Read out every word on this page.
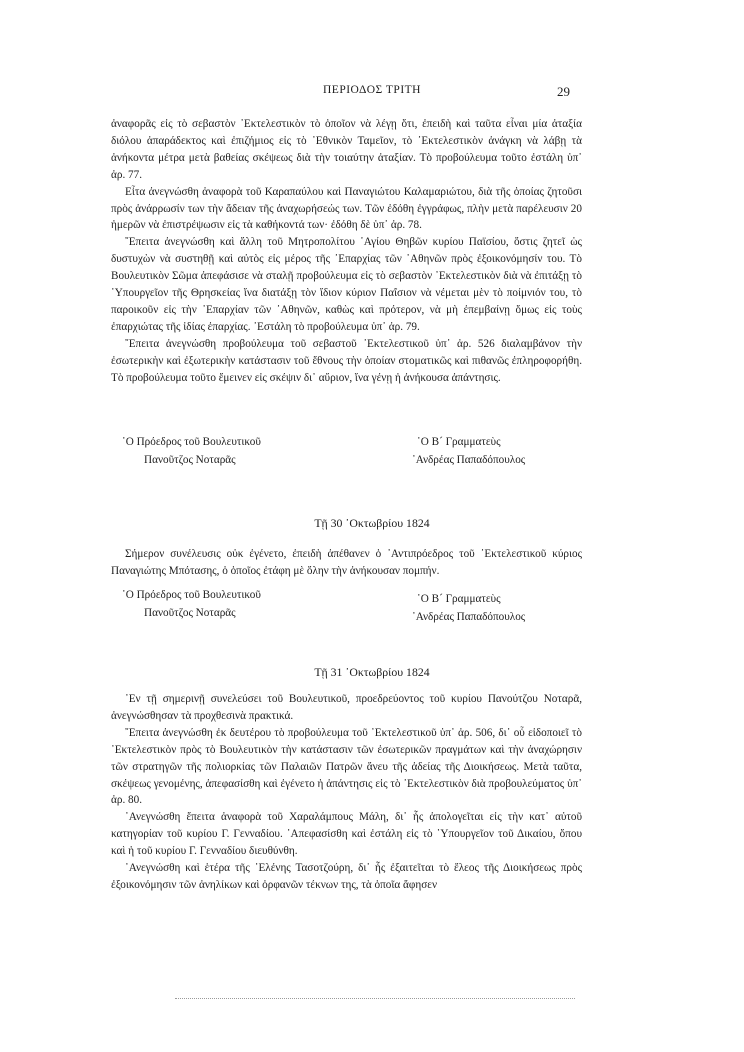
ΠΕΡΙΟΔΟΣ ΤΡΙΤΗ	29

ἀναφορᾶς εἰς τὸ σεβαστὸν ᾿Εκτελεστικὸν τὸ ὁποῖον νὰ λέγῃ ὅτι, ἐπειδὴ καὶ ταῦτα εἶναι μία ἀταξία διόλου ἀπαράδεκτος καὶ ἐπιζήμιος εἰς τὸ ᾿Εθνικὸν Ταμεῖον, τὸ ᾿Εκτελεστικὸν ἀνάγκη νὰ λάβῃ τὰ ἀνήκοντα μέτρα μετὰ βαθείας σκέψεως διὰ τὴν τοιαύτην ἀταξίαν. Τὸ προβούλευμα τοῦτο ἐστάλη ὑπ᾿ ἀρ. 77.

Εἶτα ἀνεγνώσθη ἀναφορὰ τοῦ Καραπαύλου καὶ Παναγιώτου Καλαμαριώτου, διὰ τῆς ὁποίας ζητοῦσι πρὸς ἀνάρρωσίν των τὴν ἄδειαν τῆς ἀναχωρήσεώς των. Τῶν ἐδόθη ἐγγράφως, πλὴν μετὰ παρέλευσιν 20 ἡμερῶν νὰ ἐπιστρέψωσιν εἰς τὰ καθήκοντά των· ἐδόθη δὲ ὑπ᾿ ἀρ. 78.

῎Επειτα ἀνεγνώσθη καὶ ἄλλη τοῦ Μητροπολίτου ῾Αγίου Θηβῶν κυρίου Παϊσίου, ὅστις ζητεῖ ὡς δυστυχὼν νὰ συστηθῇ καὶ αὐτὸς εἰς μέρος τῆς ᾿Επαρχίας τῶν ᾿Αθηνῶν πρὸς ἐξοικονόμησίν του. Τὸ Βουλευτικὸν Σῶμα ἀπεφάσισε νὰ σταλῇ προβούλευμα εἰς τὸ σεβαστὸν ᾿Εκτελεστικὸν διὰ νὰ ἐπιτάξῃ τὸ ῾Υπουργεῖον τῆς Θρησκείας ἵνα διατάξῃ τὸν ἴδιον κύριον Παΐσιον νὰ νέμεται μὲν τὸ ποίμνιόν του, τὸ παροικοῦν εἰς τὴν ᾿Επαρχίαν τῶν ᾿Αθηνῶν, καθὼς καὶ πρότερον, νὰ μὴ ἐπεμβαίνῃ ὅμως εἰς τοὺς ἐπαρχιώτας τῆς ἰδίας ἐπαρχίας. ᾿Εστάλη τὸ προβούλευμα ὑπ᾿ ἀρ. 79.

῎Επειτα ἀνεγνώσθη προβούλευμα τοῦ σεβαστοῦ ᾿Εκτελεστικοῦ ὑπ᾿ ἀρ. 526 διαλαμβάνον τὴν ἐσωτερικὴν καὶ ἐξωτερικὴν κατάστασιν τοῦ ἔθνους τὴν ὁποίαν στοματικῶς καὶ πιθανῶς ἐπληροφορήθη. Τὸ προβούλευμα τοῦτο ἔμεινεν εἰς σκέψιν δι᾿ αὔριον, ἵνα γένῃ ἡ ἀνήκουσα ἀπάντησις.

῾Ο Πρόεδρος τοῦ Βουλευτικοῦ
Πανοῦτζος Νοταρᾶς
῾Ο Β´ Γραμματεὺς
᾿Ανδρέας Παπαδόπουλος
Τῇ 30 ᾿Οκτωβρίου 1824

Σήμερον συνέλευσις οὐκ ἐγένετο, ἐπειδὴ ἀπέθανεν ὁ ᾿Αντιπρόεδρος τοῦ ᾿Εκτελεστικοῦ κύριος Παναγιώτης Μπότασης, ὁ ὁποῖος ἐτάφη μὲ ὅλην τὴν ἀνήκουσαν πομπήν.

῾Ο Πρόεδρος τοῦ Βουλευτικοῦ
Πανοῦτζος Νοταρᾶς
῾Ο Β´ Γραμματεὺς
᾿Ανδρέας Παπαδόπουλος
Τῇ 31 ᾿Οκτωβρίου 1824

᾿Εν τῇ σημερινῇ συνελεύσει τοῦ Βουλευτικοῦ, προεδρεύοντος τοῦ κυρίου Πανούτζου Νοταρᾶ, ἀνεγνώσθησαν τὰ προχθεσινὰ πρακτικά.

῎Επειτα ἀνεγνώσθη ἐκ δευτέρου τὸ προβούλευμα τοῦ ᾿Εκτελεστικοῦ ὑπ᾿ ἀρ. 506, δι᾿ οὗ εἰδοποιεῖ τὸ ᾿Εκτελεστικὸν πρὸς τὸ Βουλευτικὸν τὴν κατάστασιν τῶν ἐσωτερικῶν πραγμάτων καὶ τὴν ἀναχώρησιν τῶν στρατηγῶν τῆς πολιορκίας τῶν Παλαιῶν Πατρῶν ἄνευ τῆς ἀδείας τῆς Διοικήσεως. Μετὰ ταῦτα, σκέψεως γενομένης, ἀπεφασίσθη καὶ ἐγένετο ἡ ἀπάντησις εἰς τὸ ᾿Εκτελεστικὸν διὰ προβουλεύματος ὑπ᾿ ἀρ. 80.

᾿Ανεγνώσθη ἔπειτα ἀναφορὰ τοῦ Χαραλάμπους Μάλη, δι᾿ ἧς ἀπολογεῖται εἰς τὴν κατ᾿ αὐτοῦ κατηγορίαν τοῦ κυρίου Γ. Γενναδίου. ᾿Απεφασίσθη καὶ ἐστάλη εἰς τὸ ῾Υπουργεῖον τοῦ Δικαίου, ὅπου καὶ ἡ τοῦ κυρίου Γ. Γενναδίου διευθύνθη.

᾿Ανεγνώσθη καὶ ἑτέρα τῆς ᾿Ελένης Τασοτζούρη, δι᾿ ἧς ἐξαιτεῖται τὸ ἔλεος τῆς Διοικήσεως πρὸς ἐξοικονόμησιν τῶν ἀνηλίκων καὶ ὀρφανῶν τέκνων της, τὰ ὁποῖα ἄφησεν
